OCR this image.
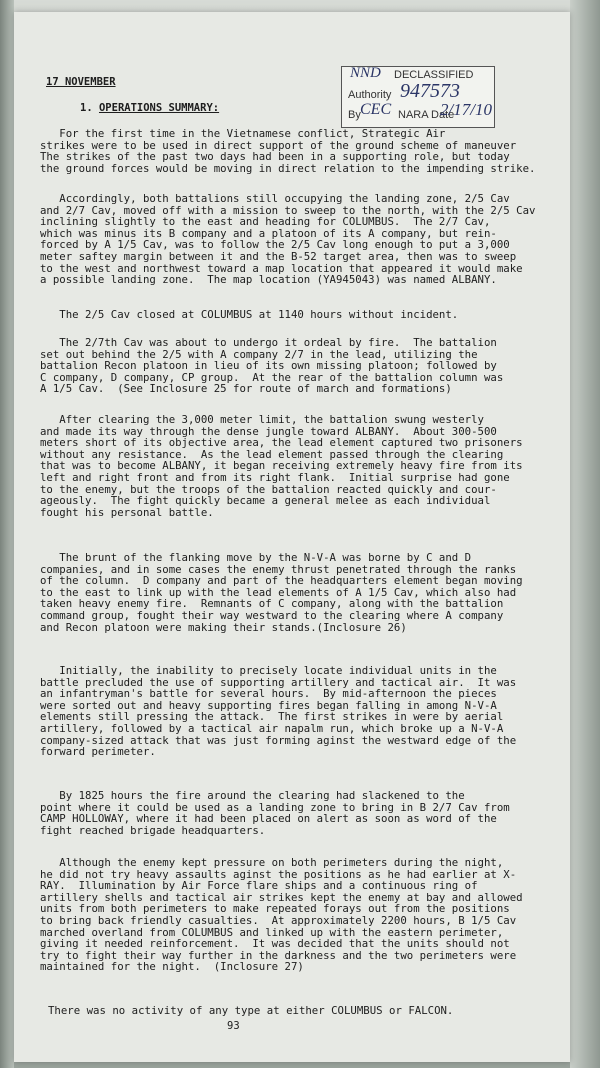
DECLASSIFIED
NND
Authority 947573
By CEC NARA Date
2/17/10
17 NOVEMBER
1. OPERATIONS SUMMARY:
For the first time in the Vietnamese conflict, Strategic Air
strikes were to be used in direct support of the ground scheme of maneuver
The strikes of the past two days had been in a supporting role, but today
the ground forces would be moving in direct relation to the impending strike.
Accordingly, both battalions still occupying the landing zone, 2/5 Cav
and 2/7 Cav, moved off with a mission to sweep to the north, with the 2/5 Cav
inclining slightly to the east and heading for COLUMBUS.  The 2/7 Cav,
which was minus its B company and a platoon of its A company, but rein-
forced by A 1/5 Cav, was to follow the 2/5 Cav long enough to put a 3,000
meter saftey margin between it and the B-52 target area, then was to sweep
to the west and northwest toward a map location that appeared it would make
a possible landing zone.  The map location (YA945043) was named ALBANY.
The 2/5 Cav closed at COLUMBUS at 1140 hours without incident.
The 2/7th Cav was about to undergo it ordeal by fire.  The battalion
set out behind the 2/5 with A company 2/7 in the lead, utilizing the
battalion Recon platoon in lieu of its own missing platoon; followed by
C company, D company, CP group.  At the rear of the battalion column was
A 1/5 Cav.  (See Inclosure 25 for route of march and formations)
After clearing the 3,000 meter limit, the battalion swung westerly
and made its way through the dense jungle toward ALBANY.  About 300-500
meters short of its objective area, the lead element captured two prisoners
without any resistance.  As the lead element passed through the clearing
that was to become ALBANY, it began receiving extremely heavy fire from its
left and right front and from its right flank.  Initial surprise had gone
to the enemy, but the troops of the battalion reacted quickly and cour-
ageously.  The fight quickly became a general melee as each individual
fought his personal battle.
The brunt of the flanking move by the N-V-A was borne by C and D
companies, and in some cases the enemy thrust penetrated through the ranks
of the column.  D company and part of the headquarters element began moving
to the east to link up with the lead elements of A 1/5 Cav, which also had
taken heavy enemy fire.  Remnants of C company, along with the battalion
command group, fought their way westward to the clearing where A company
and Recon platoon were making their stands.(Inclosure 26)
Initially, the inability to precisely locate individual units in the
battle precluded the use of supporting artillery and tactical air.  It was
an infantryman's battle for several hours.  By mid-afternoon the pieces
were sorted out and heavy supporting fires began falling in among N-V-A
elements still pressing the attack.  The first strikes in were by aerial
artillery, followed by a tactical air napalm run, which broke up a N-V-A
company-sized attack that was just forming aginst the westward edge of the
forward perimeter.
By 1825 hours the fire around the clearing had slackened to the
point where it could be used as a landing zone to bring in B 2/7 Cav from
CAMP HOLLOWAY, where it had been placed on alert as soon as word of the
fight reached brigade headquarters.
Although the enemy kept pressure on both perimeters during the night,
he did not try heavy assaults aginst the positions as he had earlier at X-
RAY.  Illumination by Air Force flare ships and a continuous ring of
artillery shells and tactical air strikes kept the enemy at bay and allowed
units from both perimeters to make repeated forays out from the positions
to bring back friendly casualties.  At approximately 2200 hours, B 1/5 Cav
marched overland from COLUMBUS and linked up with the eastern perimeter,
giving it needed reinforcement.  It was decided that the units should not
try to fight their way further in the darkness and the two perimeters were
maintained for the night.  (Inclosure 27)
There was no activity of any type at either COLUMBUS or FALCON.
93
